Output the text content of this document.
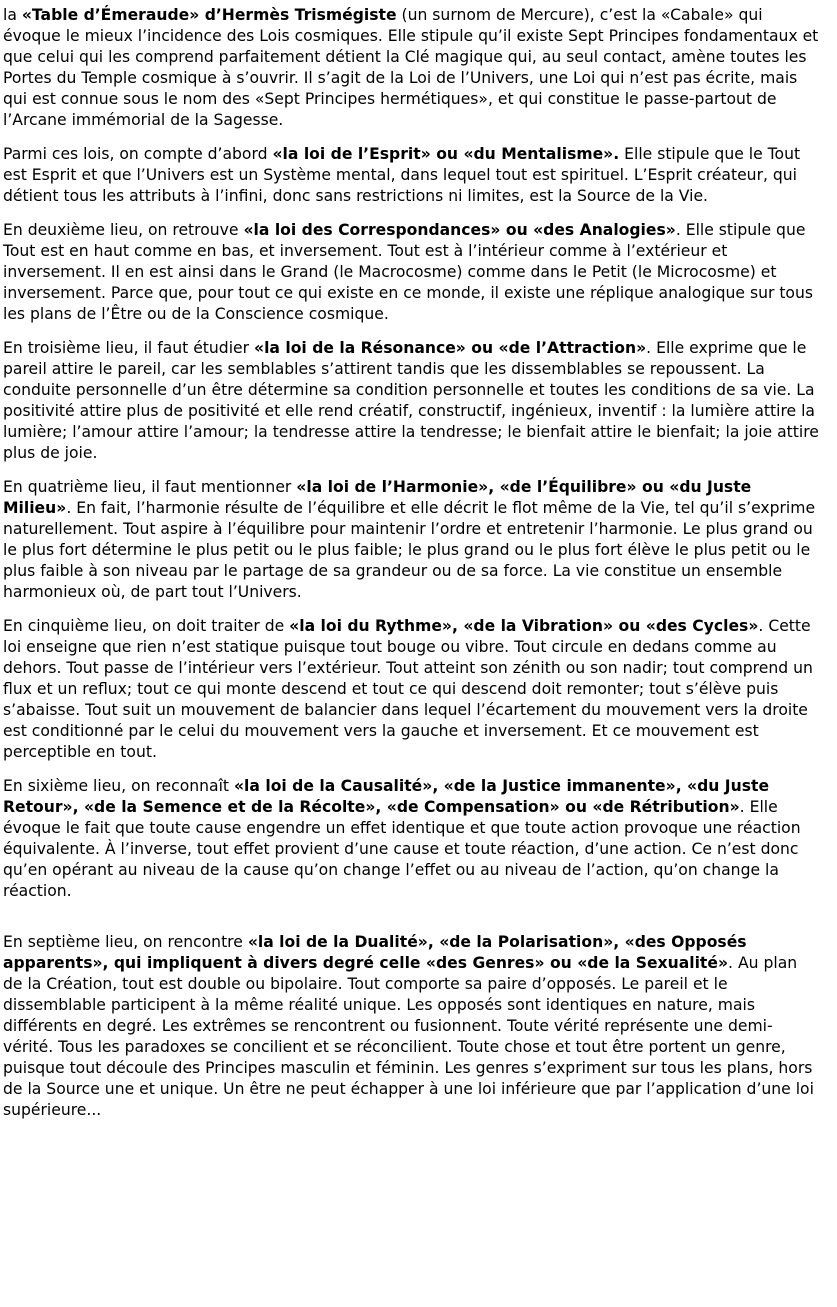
la «Table d’Émeraude» d’Hermès Trismégiste (un surnom de Mercure), c’est la «Cabale» qui évoque le mieux l’incidence des Lois cosmiques. Elle stipule qu’il existe Sept Principes fondamentaux et que celui qui les comprend parfaitement détient la Clé magique qui, au seul contact, amène toutes les Portes du Temple cosmique à s’ouvrir. Il s’agit de la Loi de l’Univers, une Loi qui n’est pas écrite, mais qui est connue sous le nom des «Sept Principes hermétiques», et qui constitue le passe-partout de l’Arcane immémorial de la Sagesse.

Parmi ces lois, on compte d’abord «la loi de l’Esprit» ou «du Mentalisme». Elle stipule que le Tout est Esprit et que l’Univers est un Système mental, dans lequel tout est spirituel. L’Esprit créateur, qui détient tous les attributs à l’infini, donc sans restrictions ni limites, est la Source de la Vie.

En deuxième lieu, on retrouve «la loi des Correspondances» ou «des Analogies». Elle stipule que Tout est en haut comme en bas, et inversement. Tout est à l’intérieur comme à l’extérieur et inversement. Il en est ainsi dans le Grand (le Macrocosme) comme dans le Petit (le Microcosme) et inversement. Parce que, pour tout ce qui existe en ce monde, il existe une réplique analogique sur tous les plans de l’Être ou de la Conscience cosmique.

En troisième lieu, il faut étudier «la loi de la Résonance» ou «de l’Attraction». Elle exprime que le pareil attire le pareil, car les semblables s’attirent tandis que les dissemblables se repoussent. La conduite personnelle d’un être détermine sa condition personnelle et toutes les conditions de sa vie. La positivité attire plus de positivité et elle rend créatif, constructif, ingénieux, inventif : la lumière attire la lumière; l’amour attire l’amour; la tendresse attire la tendresse; le bienfait attire le bienfait; la joie attire plus de joie.

En quatrième lieu, il faut mentionner «la loi de l’Harmonie», «de l’Équilibre» ou «du Juste Milieu». En fait, l’harmonie résulte de l’équilibre et elle décrit le flot même de la Vie, tel qu’il s’exprime naturellement. Tout aspire à l’équilibre pour maintenir l’ordre et entretenir l’harmonie. Le plus grand ou le plus fort détermine le plus petit ou le plus faible; le plus grand ou le plus fort élève le plus petit ou le plus faible à son niveau par le partage de sa grandeur ou de sa force. La vie constitue un ensemble harmonieux où, de part tout l’Univers.

En cinquième lieu, on doit traiter de «la loi du Rythme», «de la Vibration» ou «des Cycles». Cette loi enseigne que rien n’est statique puisque tout bouge ou vibre. Tout circule en dedans comme au dehors. Tout passe de l’intérieur vers l’extérieur. Tout atteint son zénith ou son nadir; tout comprend un flux et un reflux; tout ce qui monte descend et tout ce qui descend doit remonter; tout s’élève puis s’abaisse. Tout suit un mouvement de balancier dans lequel l’écartement du mouvement vers la droite est conditionné par le celui du mouvement vers la gauche et inversement. Et ce mouvement est perceptible en tout.

En sixième lieu, on reconnaît «la loi de la Causalité», «de la Justice immanente», «du Juste Retour», «de la Semence et de la Récolte», «de Compensation» ou «de Rétribution». Elle évoque le fait que toute cause engendre un effet identique et que toute action provoque une réaction équivalente. À l’inverse, tout effet provient d’une cause et toute réaction, d’une action. Ce n’est donc qu’en opérant au niveau de la cause qu’on change l’effet ou au niveau de l’action, qu’on change la réaction.

En septième lieu, on rencontre «la loi de la Dualité», «de la Polarisation», «des Opposés apparents», qui impliquent à divers degré celle «des Genres» ou «de la Sexualité». Au plan de la Création, tout est double ou bipolaire. Tout comporte sa paire d’opposés. Le pareil et le dissemblable participent à la même réalité unique. Les opposés sont identiques en nature, mais différents en degré. Les extrêmes se rencontrent ou fusionnent. Toute vérité représente une demi-vérité. Tous les paradoxes se concilient et se réconcilient. Toute chose et tout être portent un genre, puisque tout découle des Principes masculin et féminin. Les genres s’expriment sur tous les plans, hors de la Source une et unique. Un être ne peut échapper à une loi inférieure que par l’application d’une loi supérieure...
